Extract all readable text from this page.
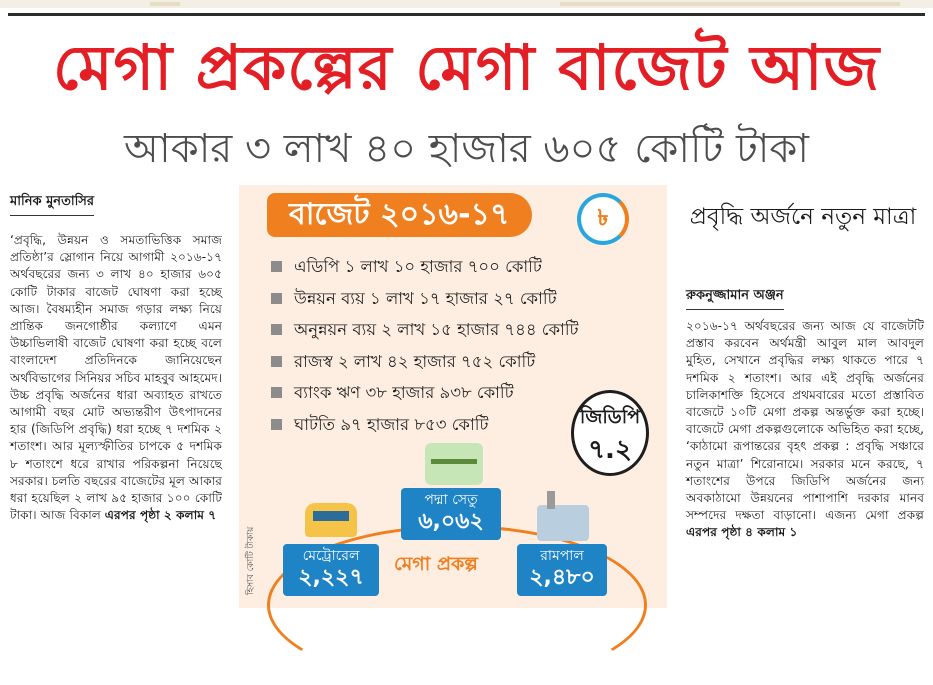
মেগা প্রকল্পের মেগা বাজেট আজ
আকার ৩ লাখ ৪০ হাজার ৬০৫ কোটি টাকা
মানিক মুনতাসির
‘প্রবৃদ্ধি, উন্নয়ন ও সমতাভিত্তিক সমাজ প্রতিষ্ঠা’র স্লোগান নিয়ে আগামী ২০১৬-১৭ অর্থবছরের জন্য ৩ লাখ ৪০ হাজার ৬০৫ কোটি টাকার বাজেট ঘোষণা করা হচ্ছে আজ। বৈষম্যহীন সমাজ গড়ার লক্ষ্য নিয়ে প্রান্তিক জনগোষ্ঠীর কল্যাণে এমন উচ্চাভিলাষী বাজেট ঘোষণা করা হচ্ছে বলে বাংলাদেশ প্রতিদিনকে জানিয়েছেন অর্থবিভাগের সিনিয়র সচিব মাহবুব আহমেদ। উচ্চ প্রবৃদ্ধি অর্জনের ধারা অব্যাহত রাখতে আগামী বছর মোট অভ্যন্তরীণ উৎপাদনের হার (জিডিপি প্রবৃদ্ধি) ধরা হচ্ছে ৭ দশমিক ২ শতাংশ। আর মূল্যস্ফীতির চাপকে ৫ দশমিক ৮ শতাংশে ধরে রাখার পরিকল্পনা নিয়েছে সরকার। চলতি বছরের বাজেটের মূল আকার ধরা হয়েছিল ২ লাখ ৯৫ হাজার ১০০ কোটি টাকা। আজ বিকাল এরপর পৃষ্ঠা ২ কলাম ৭
বাজেট ২০১৬-১৭	৳
এডিপি ১ লাখ ১০ হাজার ৭০০ কোটি
উন্নয়ন ব্যয় ১ লাখ ১৭ হাজার ২৭ কোটি
অনুন্নয়ন ব্যয় ২ লাখ ১৫ হাজার ৭৪৪ কোটি
রাজস্ব ২ লাখ ৪২ হাজার ৭৫২ কোটি
ব্যাংক ঋণ ৩৮ হাজার ৯৩৮ কোটি
ঘাটতি ৯৭ হাজার ৮৫৩ কোটি	জিডিপি
৭.২
পদ্মা সেতু
৬,০৬২
মেট্রোরেল
২,২২৭
রামপাল
২,৪৮০
মেগা প্রকল্প
হিসাব কোটি টাকায়
প্রবৃদ্ধি অর্জনে নতুন মাত্রা
রুকনুজ্জামান অঞ্জন
২০১৬-১৭ অর্থবছরের জন্য আজ যে বাজেটটি প্রস্তাব করবেন অর্থমন্ত্রী আবুল মাল আবদুল মুহিত, সেখানে প্রবৃদ্ধির লক্ষ্য থাকতে পারে ৭ দশমিক ২ শতাংশ। আর এই প্রবৃদ্ধি অর্জনের চালিকাশক্তি হিসেবে প্রথমবারের মতো প্রস্তাবিত বাজেটে ১০টি মেগা প্রকল্প অন্তর্ভুক্ত করা হচ্ছে। বাজেটে মেগা প্রকল্পগুলোকে অভিহিত করা হচ্ছে, ‘কাঠামো রূপান্তরের বৃহৎ প্রকল্প : প্রবৃদ্ধি সঞ্চারে নতুন মাত্রা’ শিরোনামে। সরকার মনে করছে, ৭ শতাংশের উপরে জিডিপি অর্জনের জন্য অবকাঠামো উন্নয়নের পাশাপাশি দরকার মানব সম্পদের দক্ষতা বাড়ানো। এজন্য মেগা প্রকল্প এরপর পৃষ্ঠা ৪ কলাম ১
